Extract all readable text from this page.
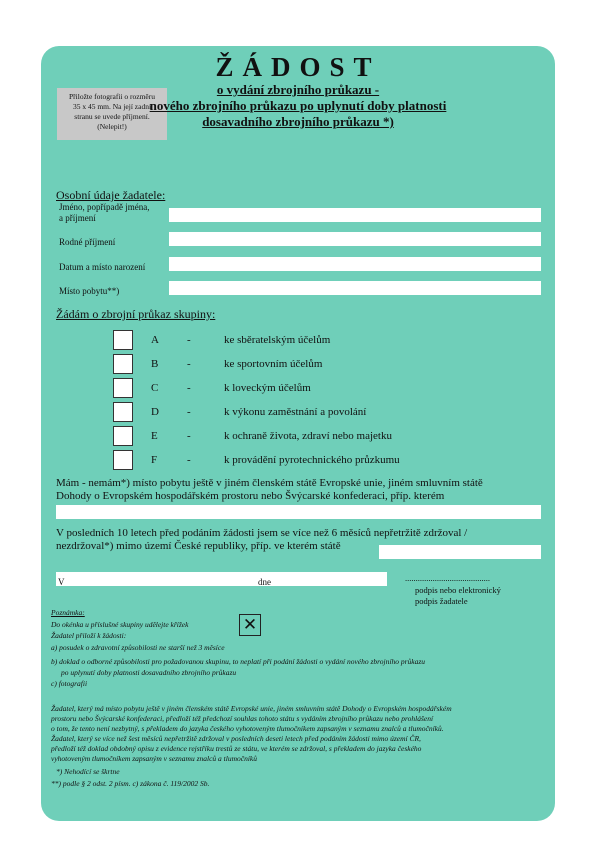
Přiložte fotografii o rozměru
35 x 45 mm. Na její zadní
stranu se uvede příjmení.
(Nelepit!)
ŽÁDOST
o vydání zbrojního průkazu -
nového zbrojního průkazu po uplynutí doby platnosti
dosavadního zbrojního průkazu *)
Osobní údaje žadatele:
Jméno, popřípadě jména,
a příjmení
Rodné příjmení
Datum a místo narození
Místo pobytu**)
Žádám o zbrojní průkaz skupiny:
A	-	ke sběratelským účelům
B	-	ke sportovním účelům
C	-	k loveckým účelům
D	-	k výkonu zaměstnání a povolání
E	-	k ochraně života, zdraví nebo majetku
F	-	k provádění pyrotechnického průzkumu
Mám - nemám*) místo pobytu ještě v jiném členském státě Evropské unie, jiném smluvním státě
Dohody o Evropském hospodářském prostoru nebo Švýcarské konfederaci, příp. kterém
V posledních 10 letech před podáním žádosti jsem se více než 6 měsíců nepřetržitě zdržoval /
nezdržoval*) mimo území České republiky, příp. ve kterém státě
V	dne	........................................
podpis nebo elektronický
podpis žadatele
Poznámka:
Do okénka u příslušné skupiny udělejte křížek	✕
Žadatel přiloží k žádosti:
a) posudek o zdravotní způsobilosti ne starší než 3 měsíce
b) doklad o odborné způsobilosti pro požadovanou skupinu, to neplatí při podání žádosti o vydání nového zbrojního průkazu
po uplynutí doby platnosti dosavadního zbrojního průkazu
c) fotografii
Žadatel, který má místo pobytu ještě v jiném členském státě Evropské unie, jiném smluvním státě Dohody o Evropském hospodářském
prostoru nebo Švýcarské konfederaci, předloží též předchozí souhlas tohoto státu s vydáním zbrojního průkazu nebo prohlášení
o tom, že tento není nezbytný, s překladem do jazyka českého vyhotoveným tlumočníkem zapsaným v seznamu znalců a tlumočníků.
Žadatel, který se více než šest měsíců nepřetržitě zdržoval v posledních deseti letech před podáním žádosti mimo území ČR,
předloží též doklad obdobný opisu z evidence rejstříku trestů ze státu, ve kterém se zdržoval, s překladem do jazyka českého
vyhotoveným tlumočníkem zapsaným v seznamu znalců a tlumočníků
*) Nehodící se škrtne
**) podle § 2 odst. 2 písm. c) zákona č. 119/2002 Sb.
